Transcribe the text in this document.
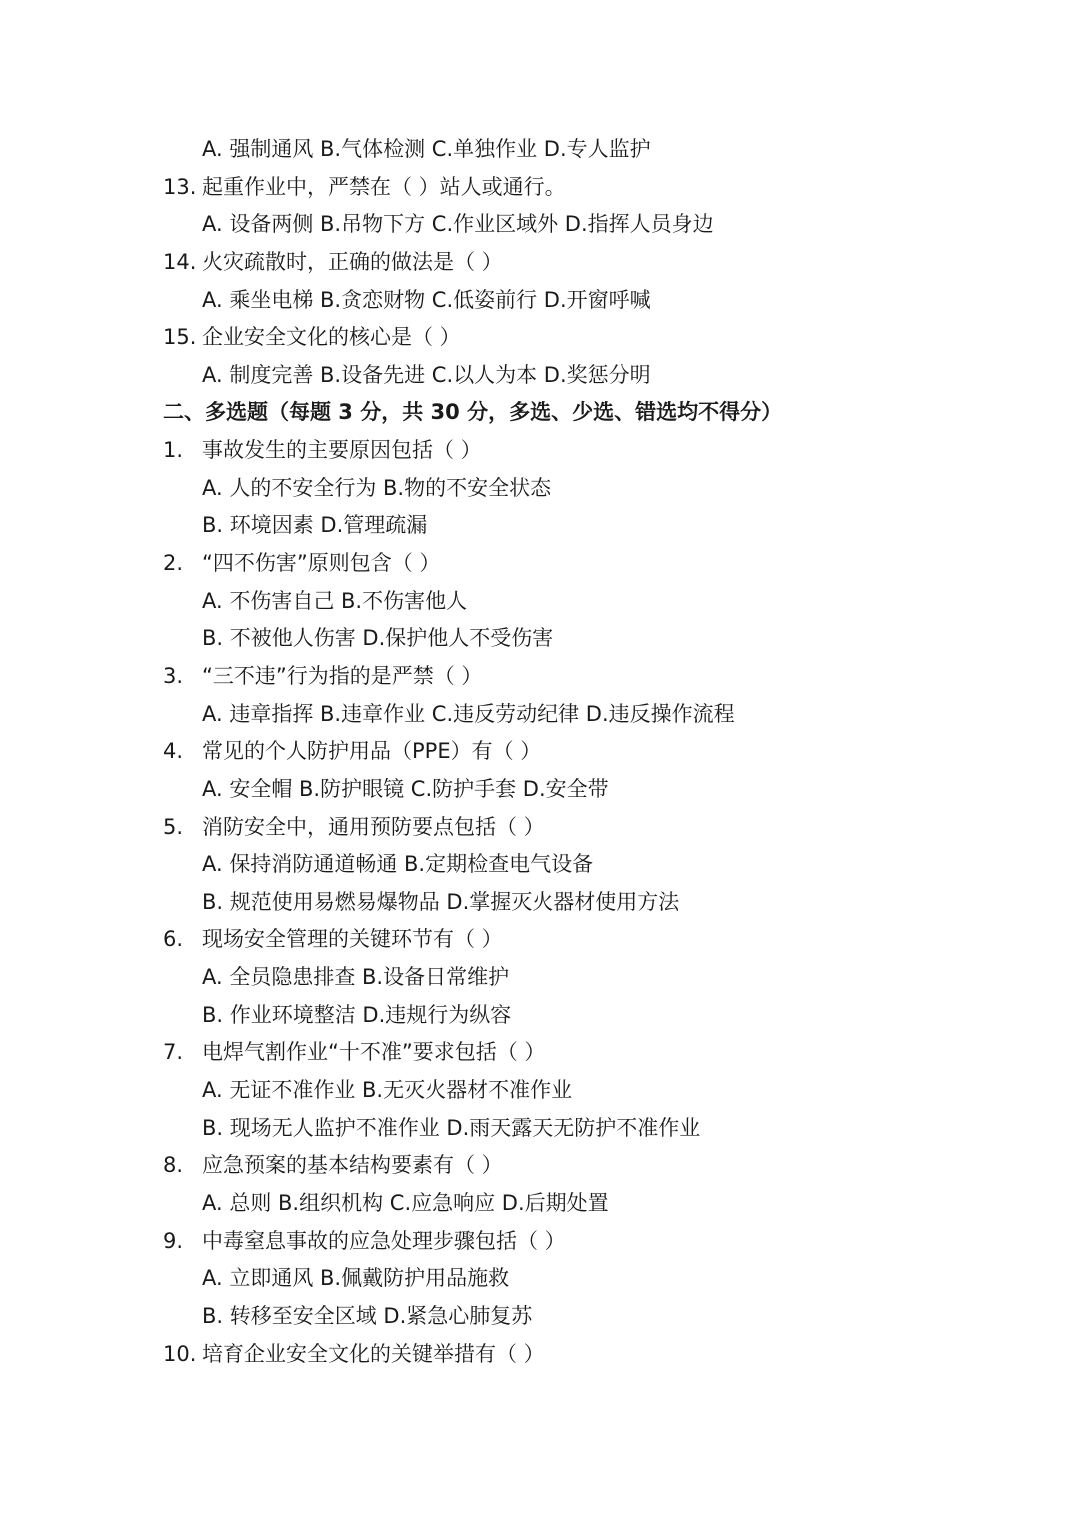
A. 强制通风 B.气体检测 C.单独作业 D.专人监护
13. 起重作业中，严禁在（ ）站人或通行。
A. 设备两侧 B.吊物下方 C.作业区域外 D.指挥人员身边
14. 火灾疏散时，正确的做法是（ ）
A. 乘坐电梯 B.贪恋财物 C.低姿前行 D.开窗呼喊
15. 企业安全文化的核心是（ ）
A. 制度完善 B.设备先进 C.以人为本 D.奖惩分明
二、多选题（每题 3 分，共 30 分，多选、少选、错选均不得分）
1. 事故发生的主要原因包括（ ）
A. 人的不安全行为 B.物的不安全状态
B. 环境因素 D.管理疏漏
2. “四不伤害”原则包含（ ）
A. 不伤害自己 B.不伤害他人
B. 不被他人伤害 D.保护他人不受伤害
3. “三不违”行为指的是严禁（ ）
A. 违章指挥 B.违章作业 C.违反劳动纪律 D.违反操作流程
4. 常见的个人防护用品（PPE）有（ ）
A. 安全帽 B.防护眼镜 C.防护手套 D.安全带
5. 消防安全中，通用预防要点包括（ ）
A. 保持消防通道畅通 B.定期检查电气设备
B. 规范使用易燃易爆物品 D.掌握灭火器材使用方法
6. 现场安全管理的关键环节有（ ）
A. 全员隐患排查 B.设备日常维护
B. 作业环境整洁 D.违规行为纵容
7. 电焊气割作业“十不准”要求包括（ ）
A. 无证不准作业 B.无灭火器材不准作业
B. 现场无人监护不准作业 D.雨天露天无防护不准作业
8. 应急预案的基本结构要素有（ ）
A. 总则 B.组织机构 C.应急响应 D.后期处置
9. 中毒窒息事故的应急处理步骤包括（ ）
A. 立即通风 B.佩戴防护用品施救
B. 转移至安全区域 D.紧急心肺复苏
10. 培育企业安全文化的关键举措有（ ）
